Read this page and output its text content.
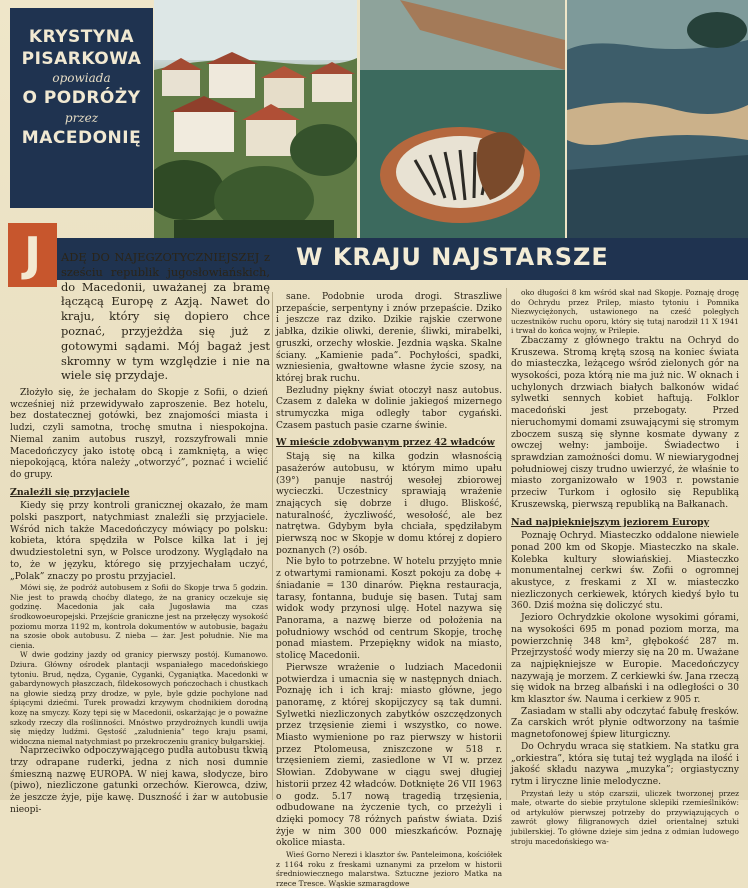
KRYSTYNA
PISARKOWA
opowiada
O PODRÓŻY
przez
MACEDONIĘ
W KRAJU NAJSTARSZE
J	ADĘ DO NAJEGZOTYCZNIEJSZEJ z sześciu republik jugosłowiańskich, do Macedonii, uważanej za bramę łączącą Europę z Azją. Nawet do kraju, który się dopiero chce poznać, przyjeżdża się już z gotowymi sądami. Mój bagaż jest skromny w tym względzie i nie na wiele się przydaje.

Złożyło się, że jechałam do Skopje z Sofii, o dzień wcześniej niż przewidywało zaproszenie. Bez hotelu, bez dostatecznej gotówki, bez znajomości miasta i ludzi, czyli samotna, trochę smutna i niespokojna. Niemal zanim autobus ruszył, rozszyfrowali mnie Macedończycy jako istotę obcą i zamkniętą, a więc niepokojącą, która należy „otworzyć”, poznać i wcielić do grupy.

Znaleźli się przyjaciele

Kiedy się przy kontroli granicznej okazało, że mam polski paszport, natychmiast znaleźli się przyjaciele. Wśród nich także Macedończycy mówiący po polsku: kobieta, która spędziła w Polsce kilka lat i jej dwudziestoletni syn, w Polsce urodzony. Wyglądało na to, że w języku, którego się przyjechałam uczyć, „Polak” znaczy po prostu przyjaciel.

Mówi się, że podróż autobusem z Sofii do Skopje trwa 5 godzin. Nie jest to prawdą choćby dlatego, że na granicy oczekuje się godzinę. Macedonia jak cała Jugosławia ma czas środkowoeuropejski. Przejście graniczne jest na przełęczy wysokość poziomu morza 1192 m, kontrola dokumentów w autobusie, bagażu na szosie obok autobusu. Z nieba — żar. Jest południe. Nie ma cienia.

W dwie godziny jazdy od granicy pierwszy postój. Kumanowo. Dziura. Główny ośrodek plantacji wspaniałego macedońskiego tytoniu. Brud, nędza, Cyganie, Cyganki, Cyganiątka. Macedonki w gabardynowych płaszczach, fildekosowych pończochach i chustkach na głowie siedzą przy drodze, w pyle, byle gdzie pochylone nad śpiącymi dziećmi. Turek prowadzi krzywym chodnikiem dorodną kozę na smyczy. Kozy tępi się w Macedonii, oskarżając je o poważne szkody rzeczy dla roślinności. Mnóstwo przydrożnych kundli uwija się między ludźmi. Gęstość „zaludnienia” tego kraju psami, widoczna niemal natychmiast po przekroczeniu granicy bułgarskiej.

Naprzeciwko odpoczywającego pudła autobusu tkwią trzy odrapane ruderki, jedna z nich nosi dumnie śmieszną nazwę EUROPA. W niej kawa, słodycze, biro (piwo), niezliczone gatunki orzechów. Kierowca, dziw, że jeszcze żyje, pije kawę. Duszność i żar w autobusie nieopi-

sane. Podobnie uroda drogi. Straszliwe przepaście, serpentyny i znów przepaście. Dziko i jeszcze raz dziko. Dzikie rajskie czerwone jabłka, dzikie oliwki, derenie, śliwki, mirabelki, gruszki, orzechy włoskie. Jezdnia wąska. Skalne ściany. „Kamienie pada”. Pochyłości, spadki, wzniesienia, gwałtowne własne życie szosy, na której brak ruchu.

Bezludny piękny świat otoczył nasz autobus. Czasem z daleka w dolinie jakiegoś mizernego strumyczka miga odległy tabor cygański. Czasem pastuch pasie czarne świnie.

W mieście zdobywanym przez 42 władców

Stają się na kilka godzin własnością pasażerów autobusu, w którym mimo upału (39°) panuje nastrój wesołej zbiorowej wycieczki. Uczestnicy sprawiają wrażenie znających się dobrze i długo. Bliskość, naturalność, życzliwość, wesołość, ale bez natrętwa. Gdybym była chciała, spędziłabym pierwszą noc w Skopje w domu której z dopiero poznanych (?) osób.

Nie było to potrzebne. W hotelu przyjęto mnie z otwartymi ramionami. Koszt pokoju za dobę + śniadanie = 130 dinarów. Piękna restauracja, tarasy, fontanna, buduje się basen. Tutaj sam widok wody przynosi ulgę. Hotel nazywa się Panorama, a nazwę bierze od położenia na południowy wschód od centrum Skopje, trochę ponad miastem. Przepiękny widok na miasto, stolicę Macedonii.

Pierwsze wrażenie o ludziach Macedonii potwierdza i umacnia się w następnych dniach. Poznaję ich i ich kraj: miasto główne, jego panoramę, z której skopijczycy są tak dumni. Sylwetki niezliczonych zabytków oszczędzonych przez trzęsienie ziemi i wszystko, co nowe. Miasto wymienione po raz pierwszy w historii przez Ptolomeusa, zniszczone w 518 r. trzęsieniem ziemi, zasiedlone w VI w. przez Słowian. Zdobywane w ciągu swej długiej historii przez 42 władców. Dotknięte 26 VII 1963 o godz. 5.17 nową tragedią trzęsienia, odbudowane na życzenie tych, co przeżyli i dzięki pomocy 78 różnych państw świata. Dziś żyje w nim 300 000 mieszkańców. Poznaję okolice miasta.

Wieś Gorno Nerezi i klasztor św. Panteleimona, kościółek z 1164 roku z freskami uznanymi za przełom w historii średniowiecznego malarstwa. Sztuczne jezioro Matka na rzece Tresce. Wąskie szmaragdowe

oko długości 8 km wśród skał nad Skopje. Poznaję drogę do Ochrydu przez Prilep, miasto tytoniu i Pomnika Niezwyciężonych, ustawionego na cześć poległych uczestników ruchu oporu, który się tutaj narodził 11 X 1941 i trwał do końca wojny, w Prilepie.

Zbaczamy z głównego traktu na Ochryd do Kruszewa. Stromą krętą szosą na koniec świata do miasteczka, leżącego wśród zielonych gór na wysokości, poza którą nie ma już nic. W oknach i uchylonych drzwiach białych balkonów widać sylwetki sennych kobiet haftują. Folklor macedoński jest przebogaty. Przed nieruchomymi domami zsuwającymi się stromym zboczem suszą się słynne kosmate dywany z owczej wełny: jamboije. Świadectwo i sprawdzian zamożności domu. W niewiarygodnej południowej ciszy trudno uwierzyć, że właśnie to miasto zorganizowało w 1903 r. powstanie przeciw Turkom i ogłosiło się Republiką Kruszewską, pierwszą republiką na Bałkanach.

Nad najpiękniejszym jeziorem Europy

Poznaję Ochryd. Miasteczko oddalone niewiele ponad 200 km od Skopje. Miasteczko na skale. Kolebka kultury słowiańskiej. Miasteczko monumentalnej cerkwi św. Zofii o ogromnej akustyce, z freskami z XI w. miasteczko niezliczonych cerkiewek, których kiedyś było tu 360. Dziś można się doliczyć stu.

Jezioro Ochrydzkie okolone wysokimi górami, na wysokości 695 m ponad poziom morza, ma powierzchnię 348 km², głębokość 287 m. Przejrzystość wody mierzy się na 20 m. Uważane za najpiękniejsze w Europie. Macedończycy nazywają je morzem. Z cerkiewki św. Jana rzeczą się widok na brzeg albański i na odległości o 30 km klasztor św. Nauma i cerkiew z 905 r.

Zasiadam w stalli aby odczytać fabułę fresków. Za carskich wrót płynie odtworzony na taśmie magnetofonowej śpiew liturgiczny.

Do Ochrydu wraca się statkiem. Na statku gra „orkiestra”, która się tutaj też wygląda na ilość i jakość składu nazywa „muzyka”; orgiastyczny rytm i liryczne linie melodyczne.

Przystań leży u stóp czarszii, uliczek tworzonej przez małe, otwarte do siebie przytulone sklepiki rzemieślników: od artykułów pierwszej potrzeby do przywiązujących o zawrót głowy filigranowych dzieł orientalnej sztuki jubilerskiej. To główne dzieje sim jedna z odmian ludowego stroju macedońskiego wa-
